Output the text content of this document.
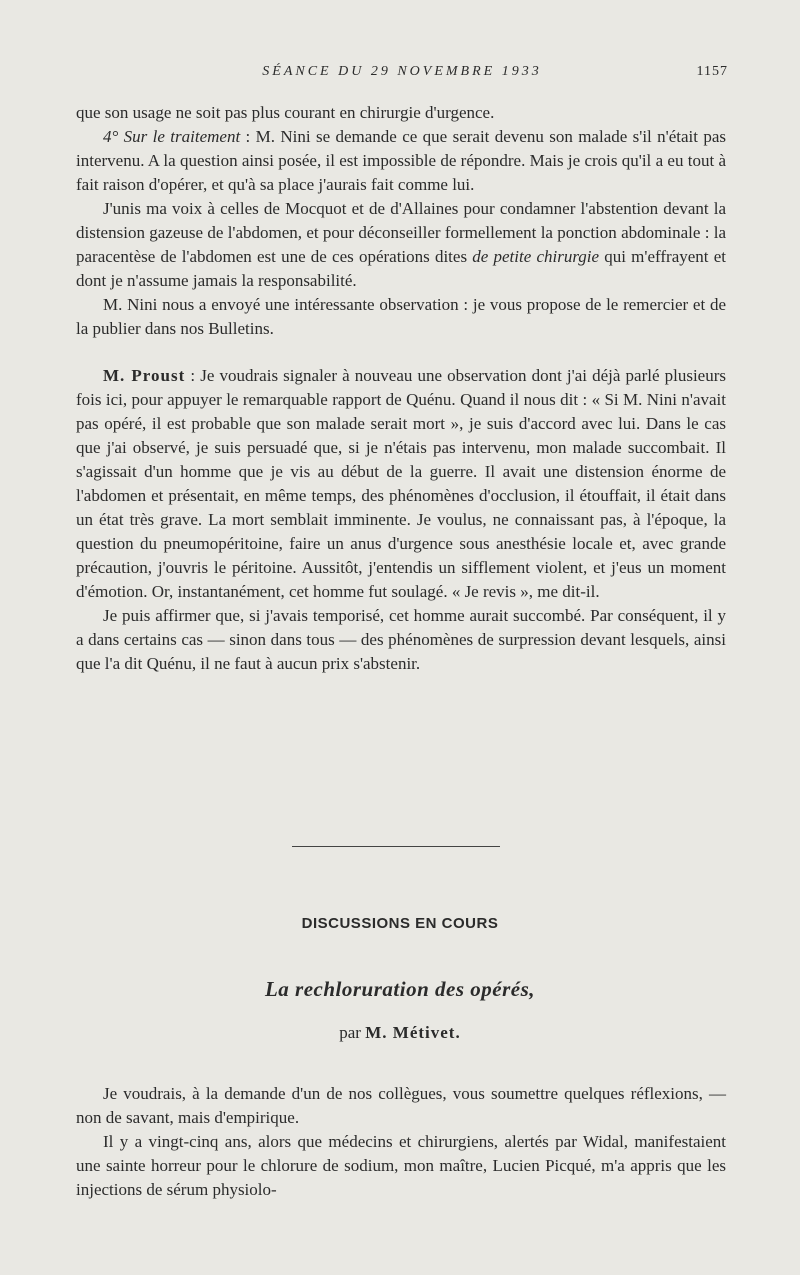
SÉANCE DU 29 NOVEMBRE 1933	1157

que son usage ne soit pas plus courant en chirurgie d'urgence.

4° Sur le traitement : M. Nini se demande ce que serait devenu son malade s'il n'était pas intervenu. A la question ainsi posée, il est impossible de répondre. Mais je crois qu'il a eu tout à fait raison d'opérer, et qu'à sa place j'aurais fait comme lui.

J'unis ma voix à celles de Mocquot et de d'Allaines pour condamner l'abstention devant la distension gazeuse de l'abdomen, et pour déconseiller formellement la ponction abdominale : la paracentèse de l'abdomen est une de ces opérations dites de petite chirurgie qui m'effrayent et dont je n'assume jamais la responsabilité.

M. Nini nous a envoyé une intéressante observation : je vous propose de le remercier et de la publier dans nos Bulletins.

M. Proust : Je voudrais signaler à nouveau une observation dont j'ai déjà parlé plusieurs fois ici, pour appuyer le remarquable rapport de Quénu. Quand il nous dit : « Si M. Nini n'avait pas opéré, il est probable que son malade serait mort », je suis d'accord avec lui. Dans le cas que j'ai observé, je suis persuadé que, si je n'étais pas intervenu, mon malade succombait. Il s'agissait d'un homme que je vis au début de la guerre. Il avait une distension énorme de l'abdomen et présentait, en même temps, des phénomènes d'occlusion, il étouffait, il était dans un état très grave. La mort semblait imminente. Je voulus, ne connaissant pas, à l'époque, la question du pneumopéritoine, faire un anus d'urgence sous anesthésie locale et, avec grande précaution, j'ouvris le péritoine. Aussitôt, j'entendis un sifflement violent, et j'eus un moment d'émotion. Or, instantanément, cet homme fut soulagé. « Je revis », me dit-il.

Je puis affirmer que, si j'avais temporisé, cet homme aurait succombé. Par conséquent, il y a dans certains cas — sinon dans tous — des phénomènes de surpression devant lesquels, ainsi que l'a dit Quénu, il ne faut à aucun prix s'abstenir.

DISCUSSIONS EN COURS
La rechloruration des opérés,
par M. Métivet.

Je voudrais, à la demande d'un de nos collègues, vous soumettre quelques réflexions, — non de savant, mais d'empirique.

Il y a vingt-cinq ans, alors que médecins et chirurgiens, alertés par Widal, manifestaient une sainte horreur pour le chlorure de sodium, mon maître, Lucien Picqué, m'a appris que les injections de sérum physiolo-
